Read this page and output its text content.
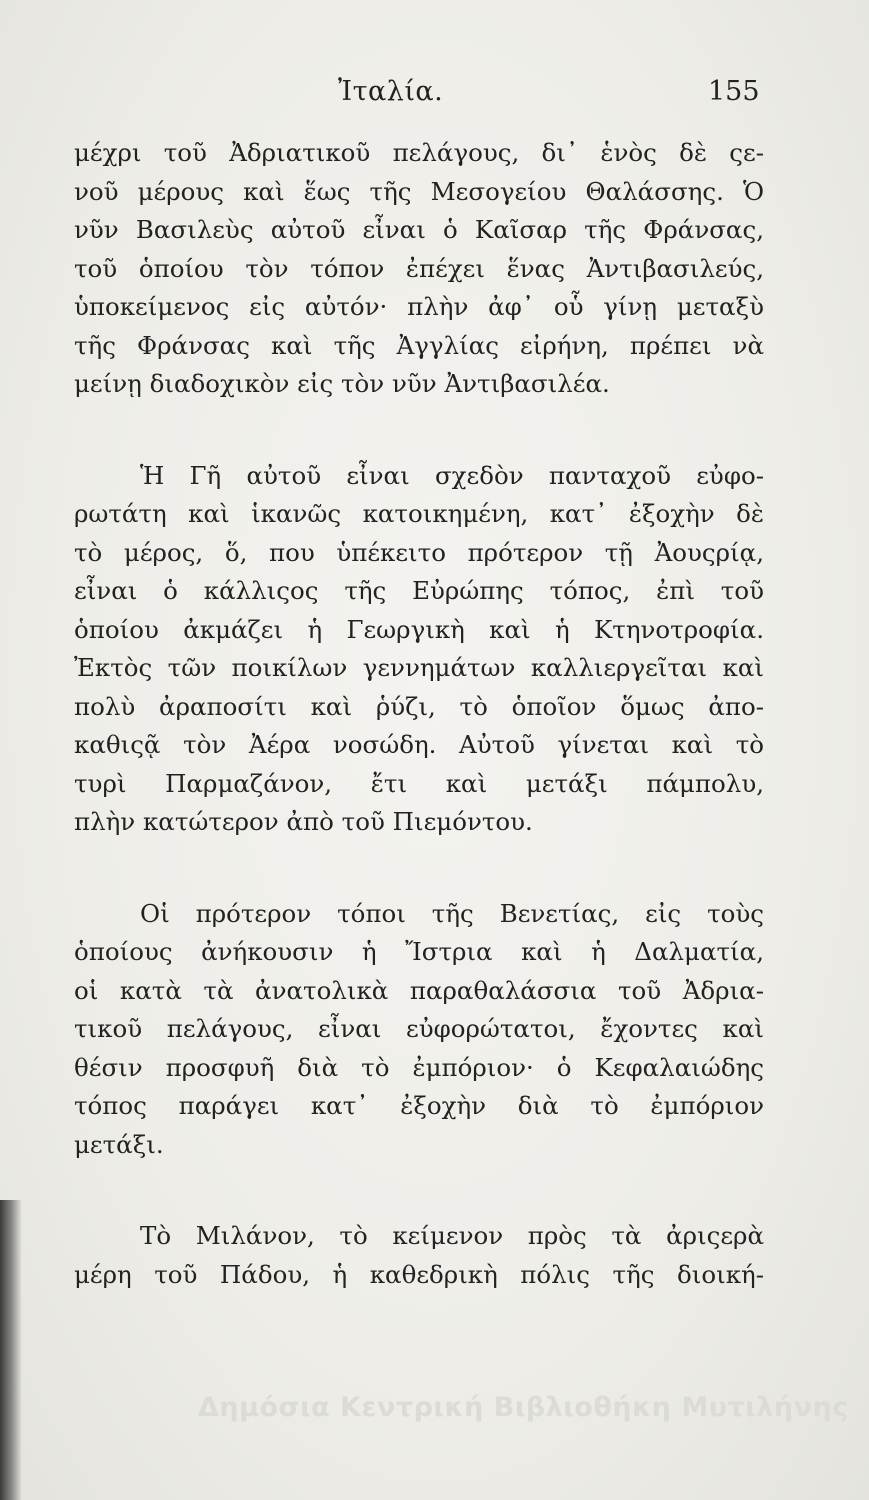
Ἰταλία.	155
μέχρι τοῦ Ἀδριατικοῦ πελάγους, δι᾽ ἑνὸς δὲ ςε-
νοῦ μέρους καὶ ἕως τῆς Μεσογείου Θαλάσσης. Ὁ
νῦν Βασιλεὺς αὐτοῦ εἶναι ὁ Καῖσαρ τῆς Φράνσας,
τοῦ ὁποίου τὸν τόπον ἐπέχει ἕνας Ἀντιβασιλεύς,
ὑποκείμενος εἰς αὐτόν· πλὴν ἀφ᾽ οὗ γίνῃ μεταξὺ
τῆς Φράνσας καὶ τῆς Ἀγγλίας εἰρήνη, πρέπει νὰ
μείνῃ διαδοχικὸν εἰς τὸν νῦν Ἀντιβασιλέα.
Ἡ Γῆ αὐτοῦ εἶναι σχεδὸν πανταχοῦ εὐφο-
ρωτάτη καὶ ἱκανῶς κατοικημένη, κατ᾽ ἐξοχὴν δὲ
τὸ μέρος, ὅ, που ὑπέκειτο πρότερον τῇ Ἀουςρίᾳ,
εἶναι ὁ κάλλιςος τῆς Εὐρώπης τόπος, ἐπὶ τοῦ
ὁποίου ἀκμάζει ἡ Γεωργικὴ καὶ ἡ Κτηνοτροφία.
Ἐκτὸς τῶν ποικίλων γεννημάτων καλλιεργεῖται καὶ
πολὺ ἀραποσίτι καὶ ῥύζι, τὸ ὁποῖον ὅμως ἀπο-
καθιςᾷ τὸν Ἀέρα νοσώδη. Αὐτοῦ γίνεται καὶ τὸ
τυρὶ Παρμαζάνον, ἔτι καὶ μετάξι πάμπολυ,
πλὴν κατώτερον ἀπὸ τοῦ Πιεμόντου.
Οἱ πρότερον τόποι τῆς Βενετίας, εἰς τοὺς
ὁποίους ἀνήκουσιν ἡ Ἴστρια καὶ ἡ Δαλματία,
οἱ κατὰ τὰ ἀνατολικὰ παραθαλάσσια τοῦ Ἀδρια-
τικοῦ πελάγους, εἶναι εὐφορώτατοι, ἔχοντες καὶ
θέσιν προσφυῆ διὰ τὸ ἐμπόριον· ὁ Κεφαλαιώδης
τόπος παράγει κατ᾽ ἐξοχὴν διὰ τὸ ἐμπόριον
μετάξι.
Τὸ Μιλάνον, τὸ κείμενον πρὸς τὰ ἀριςερὰ
μέρη τοῦ Πάδου, ἡ καθεδρικὴ πόλις τῆς διοική-
Δημόσια Κεντρική Βιβλιοθήκη Μυτιλήνης
